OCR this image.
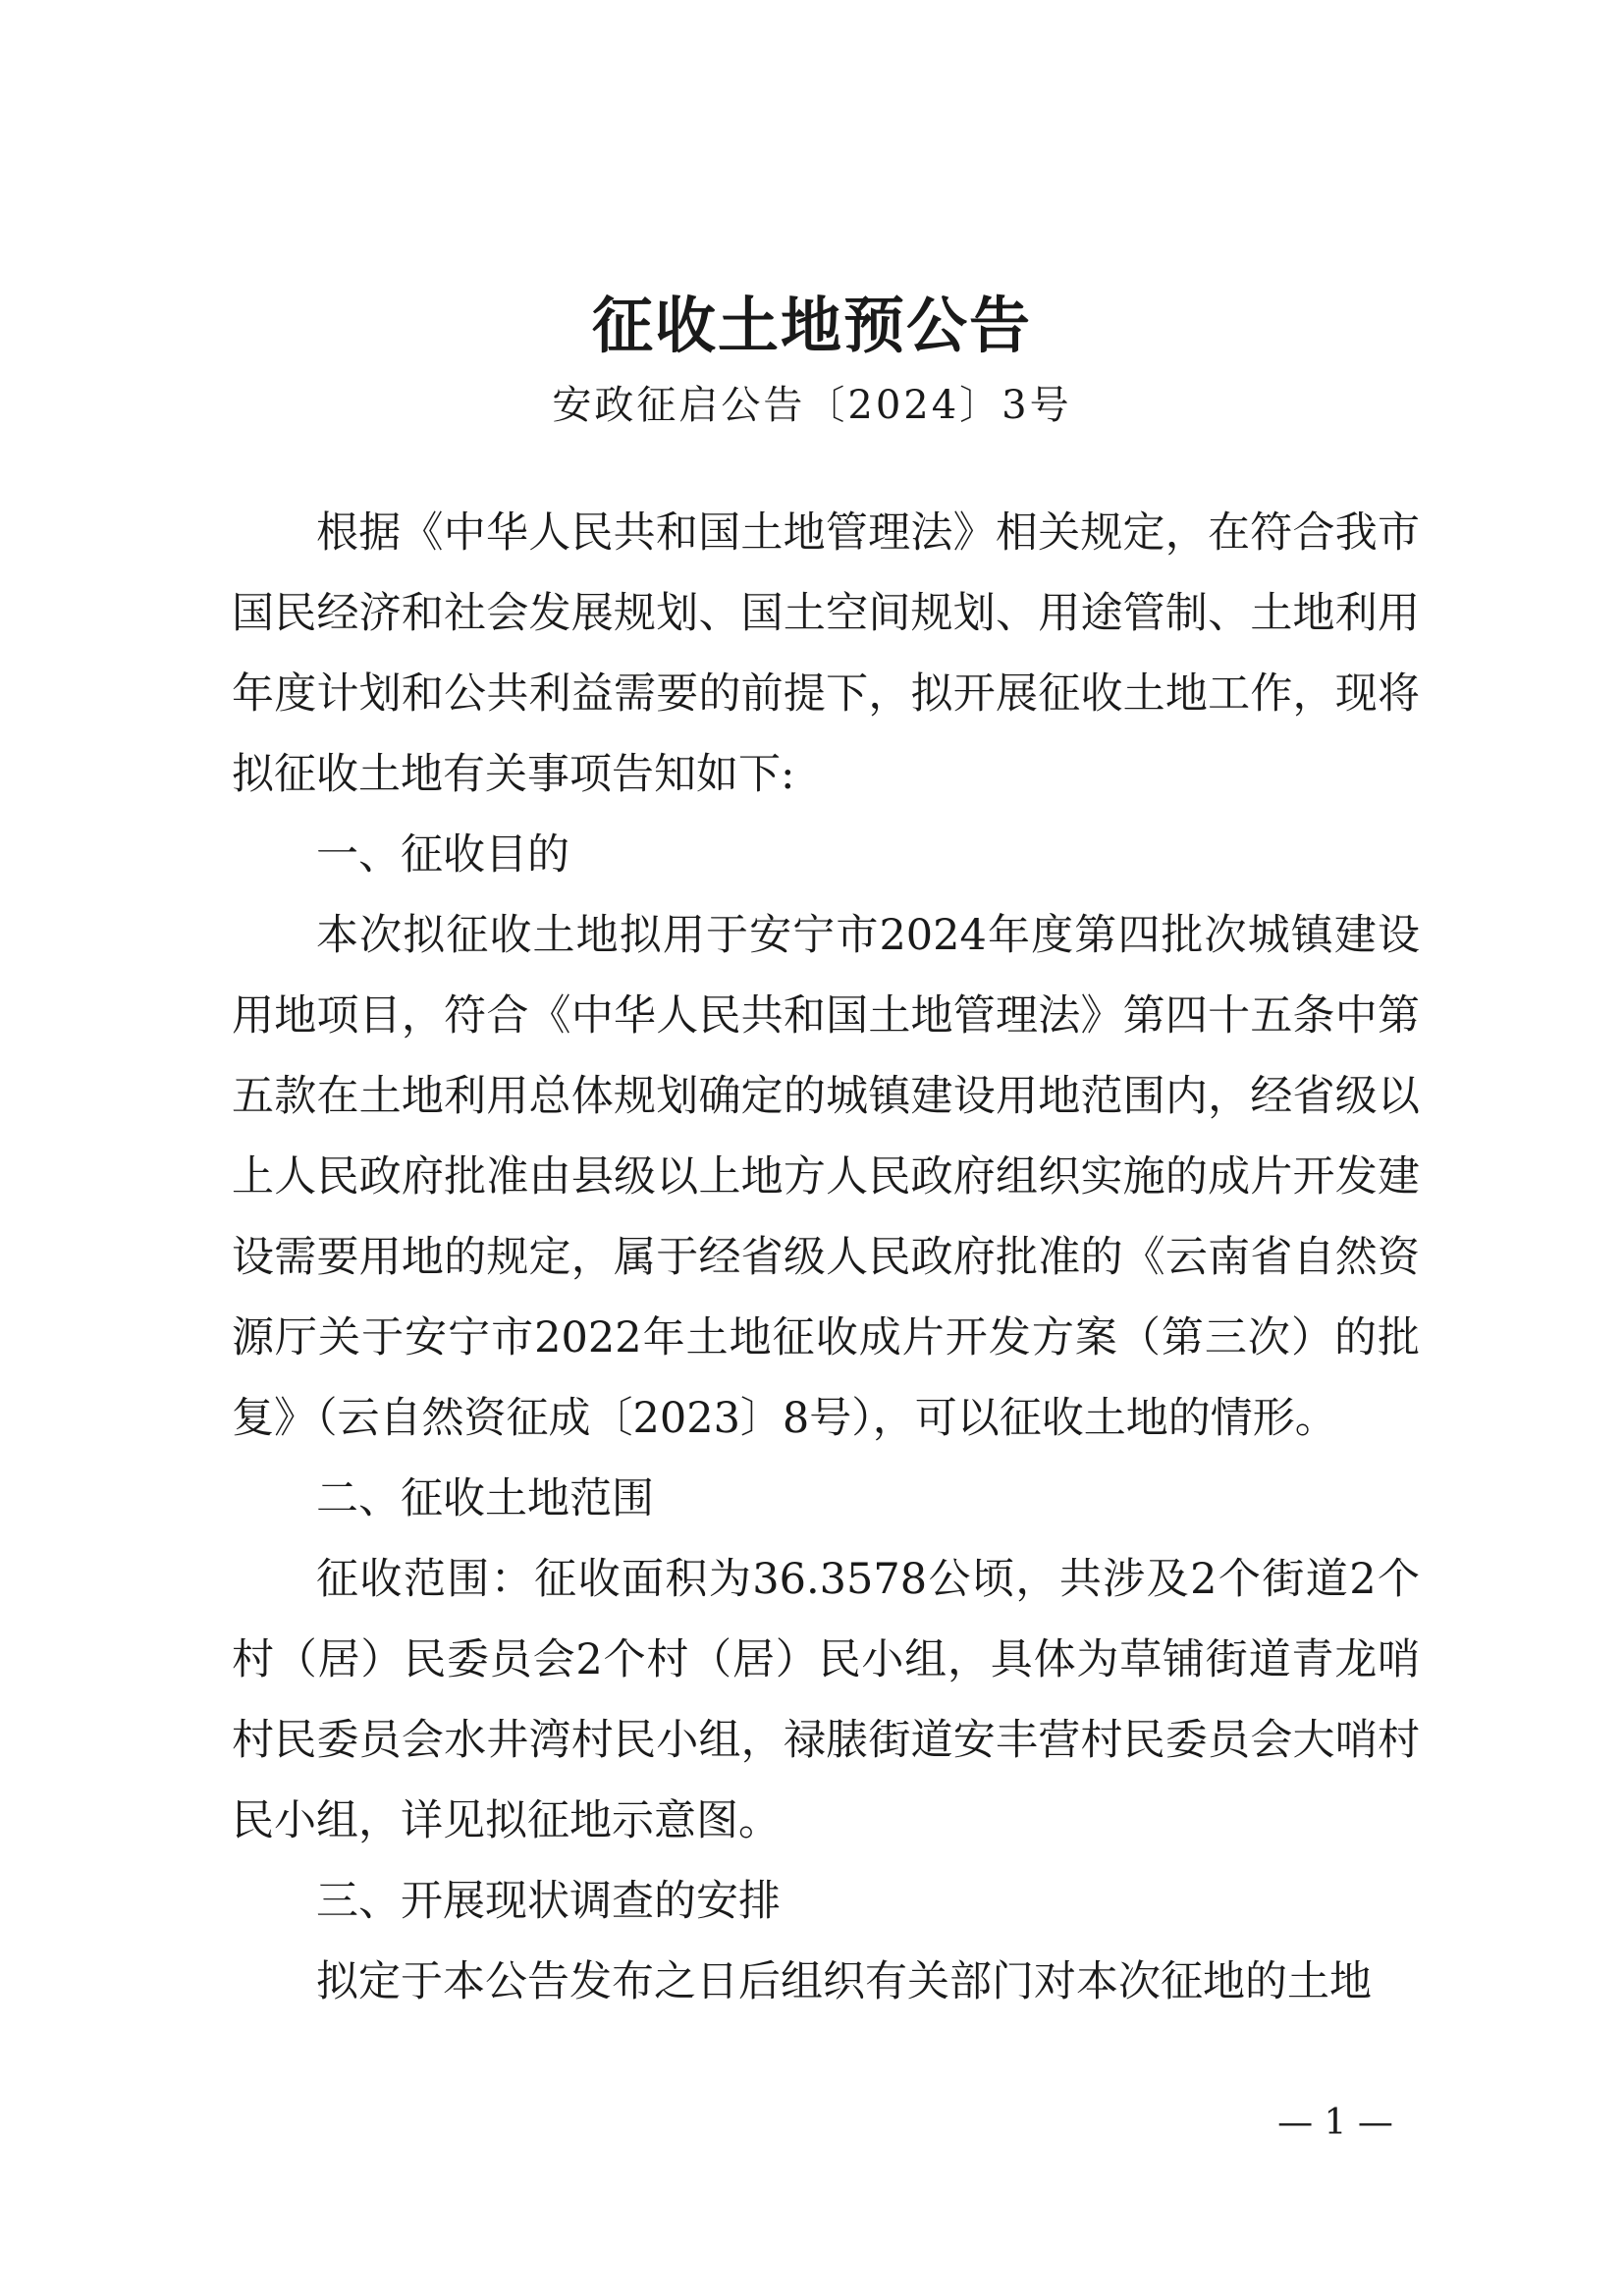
征收土地预公告
安政征启公告〔2024〕3号

根据《中华人民共和国土地管理法》相关规定，在符合我市国民经济和社会发展规划、国土空间规划、用途管制、土地利用年度计划和公共利益需要的前提下，拟开展征收土地工作，现将拟征收土地有关事项告知如下:

一、征收目的

本次拟征收土地拟用于安宁市2024年度第四批次城镇建设用地项目，符合《中华人民共和国土地管理法》第四十五条中第五款在土地利用总体规划确定的城镇建设用地范围内，经省级以上人民政府批准由县级以上地方人民政府组织实施的成片开发建设需要用地的规定，属于经省级人民政府批准的《云南省自然资源厅关于安宁市2022年土地征收成片开发方案（第三次）的批复》（云自然资征成〔2023〕8号），可以征收土地的情形。

二、征收土地范围

征收范围：征收面积为36.3578公顷，共涉及2个街道2个村（居）民委员会2个村（居）民小组，具体为草铺街道青龙哨村民委员会水井湾村民小组，禄脿街道安丰营村民委员会大哨村民小组，详见拟征地示意图。

三、开展现状调查的安排

拟定于本公告发布之日后组织有关部门对本次征地的土地

— 1 —
